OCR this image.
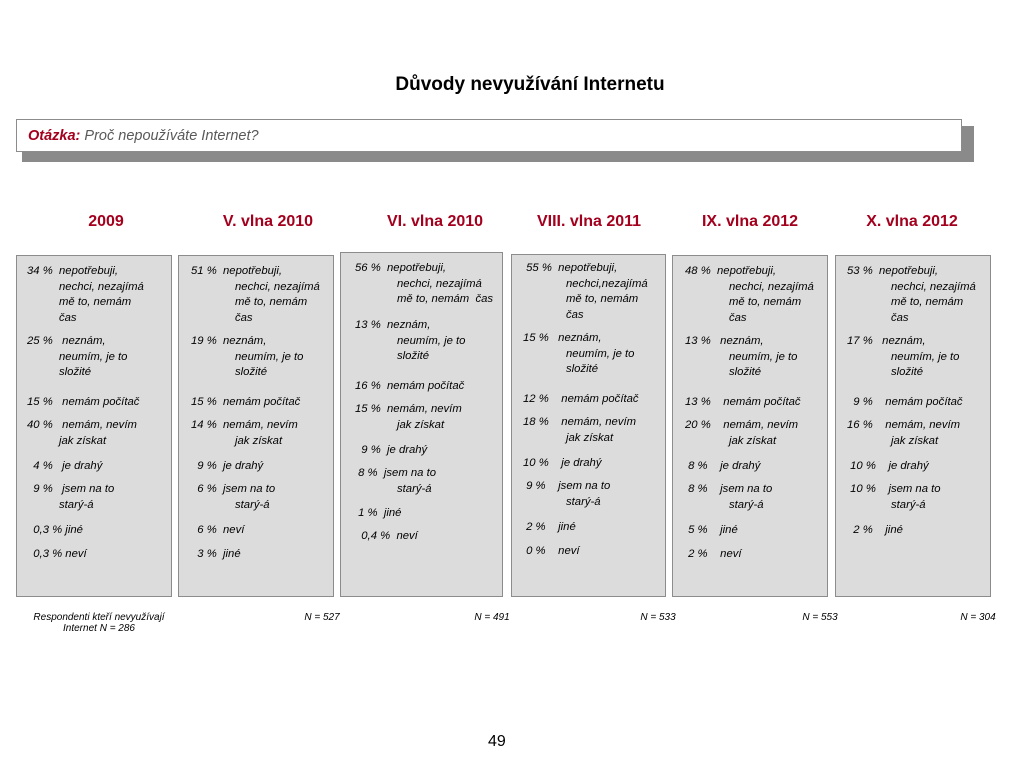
Důvody nevyužívání Internetu
Otázka: Proč nepoužíváte Internet?
2009
34 %  nepotřebuji,
nechci, nezajímá
mě to, nemám
čas
25 %   neznám,
neumím, je to
složité
15 %   nemám počítač
40 %   nemám, nevím
jak získat
4 %   je drahý
9 %   jsem na to
starý-á
0,3 % jiné
0,3 % neví
Respondenti kteří nevyužívají Internet N = 286
V. vlna 2010
51 %  nepotřebuji,
nechci, nezajímá
mě to, nemám
čas
19 %  neznám,
neumím, je to
složité
15 %  nemám počítač
14 %  nemám, nevím
jak získat
9 %  je drahý
6 %  jsem na to
starý-á
6 %  neví
3 %  jiné
N = 527
VI. vlna 2010
56 %  nepotřebuji,
nechci, nezajímá
mě to, nemám  čas
13 %  neznám,
neumím, je to
složité
16 %  nemám počítač
15 %  nemám, nevím
jak získat
9 %  je drahý
8 %  jsem na to
starý-á
1 %  jiné
0,4 %  neví
N = 491
VIII. vlna 2011
55 %  nepotřebuji,
nechci,nezajímá
mě to, nemám
čas
15 %   neznám,
neumím, je to
složité
12 %    nemám počítač
18 %    nemám, nevím
jak získat
10 %    je drahý
9 %    jsem na to
starý-á
2 %    jiné
0 %    neví
N = 533
IX. vlna 2012
48 %  nepotřebuji,
nechci, nezajímá
mě to, nemám
čas
13 %   neznám,
neumím, je to
složité
13 %    nemám počítač
20 %    nemám, nevím
jak získat
8 %    je drahý
8 %    jsem na to
starý-á
5 %    jiné
2 %    neví
N = 553
X. vlna 2012
53 %  nepotřebuji,
nechci, nezajímá
mě to, nemám
čas
17 %   neznám,
neumím, je to
složité
9 %    nemám počítač
16 %    nemám, nevím
jak získat
10 %    je drahý
10 %    jsem na to
starý-á
2 %    jiné
N = 304
49
